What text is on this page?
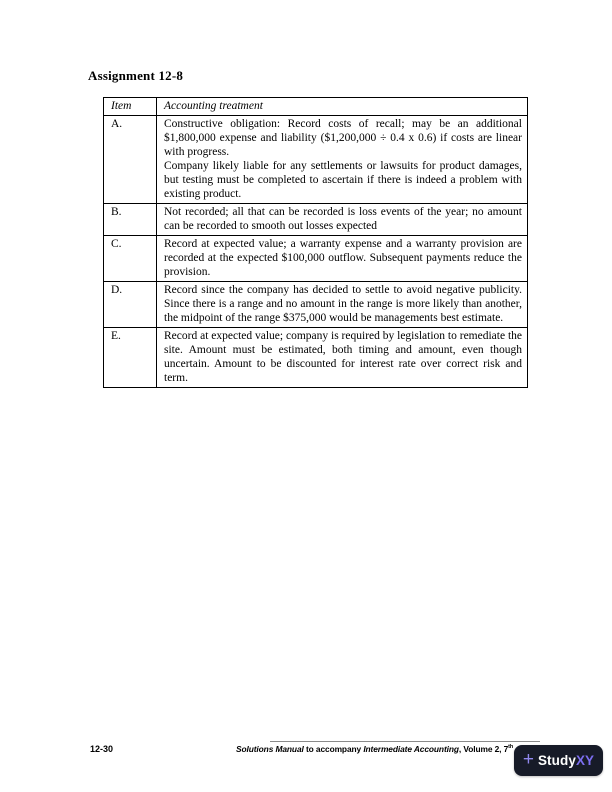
Assignment 12-8
Item	Accounting treatment
A.	Constructive obligation: Record costs of recall; may be an additional $1,800,000 expense and liability ($1,200,000 ÷ 0.4 x 0.6) if costs are linear with progress.
Company likely liable for any settlements or lawsuits for product damages, but testing must be completed to ascertain if there is indeed a problem with existing product.

B.	Not recorded; all that can be recorded is loss events of the year; no amount can be recorded to smooth out losses expected

C.	Record at expected value; a warranty expense and a warranty provision are recorded at the expected $100,000 outflow. Subsequent payments reduce the provision.

D.	Record since the company has decided to settle to avoid negative publicity. Since there is a range and no amount in the range is more likely than another, the midpoint of the range $375,000 would be managements best estimate.

E.	Record at expected value; company is required by legislation to remediate the site. Amount must be estimated, both timing and amount, even though uncertain. Amount to be discounted for interest rate over correct risk and term.
12-30	Solutions Manual to accompany Intermediate Accounting, Volume 2, 7th
+ Study XY
